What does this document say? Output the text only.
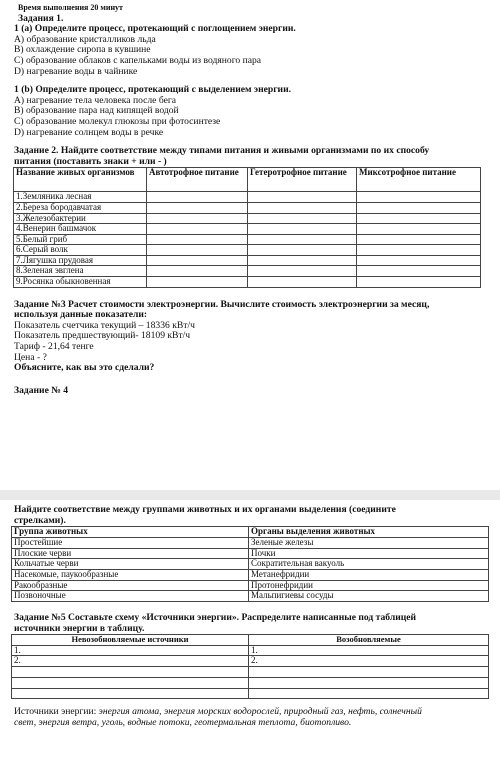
Время выполнения 20 минут
Задания 1.
1 (a) Определите процесс, протекающий с поглощением энергии.
A) образование кристалликов льда
B) охлаждение сиропа в кувшине
C) образование облаков с капельками воды из водяного пара
D) нагревание воды в чайнике
1 (b) Определите процесс, протекающий с выделением энергии.
A) нагревание тела человека после бега
B) образование пара над кипящей водой
C) образование молекул глюкозы при фотосинтезе
D) нагревание солнцем воды в речке
Задание 2. Найдите соответствие между типами питания и живыми организмами по их способу
питания (поставить знаки + или - )
Название живых организмов	Автотрофное питание	Гетеротрофное питание	Миксотрофное питание
1.Земляника лесная			
2.Береза бородавчатая			
3.Железобактерии			
4.Венерин башмачок			
5.Белый гриб			
6.Серый волк			
7.Лягушка прудовая			
8.Зеленая эвглена			
9.Росянка обыкновенная			
Задание №3 Расчет стоимости электроэнергии. Вычислите стоимость электроэнергии за месяц,
используя данные показатели:
Показатель счетчика текущий – 18336 кВт/ч
Показатель предшествующий- 18109 кВт/ч
Тариф - 21,64 тенге
Цена - ?
Объясните, как вы это сделали?
Задание № 4
Найдите соответствие между группами животных и их органами выделения (соедините
стрелками).
Группа животных	Органы выделения животных
Простейшие	Зеленые железы
Плоские черви	Почки
Кольчатые черви	Сократительная вакуоль
Насекомые, паукообразные	Метанефридии
Ракообразные	Протонефридии
Позвоночные	Мальпигиевы сосуды
Задание №5 Составьте схему «Источники энергии». Распределите написанные под таблицей
источники энергии в таблицу.
Невозобновляемые источники	Возобновляемые
1.	1.
2.	2.

Источники энергии: энергия атома, энергия морских водорослей, природный газ, нефть, солнечный
свет, энергия ветра, уголь, водные потоки, геотермальная теплота, биотопливо.
